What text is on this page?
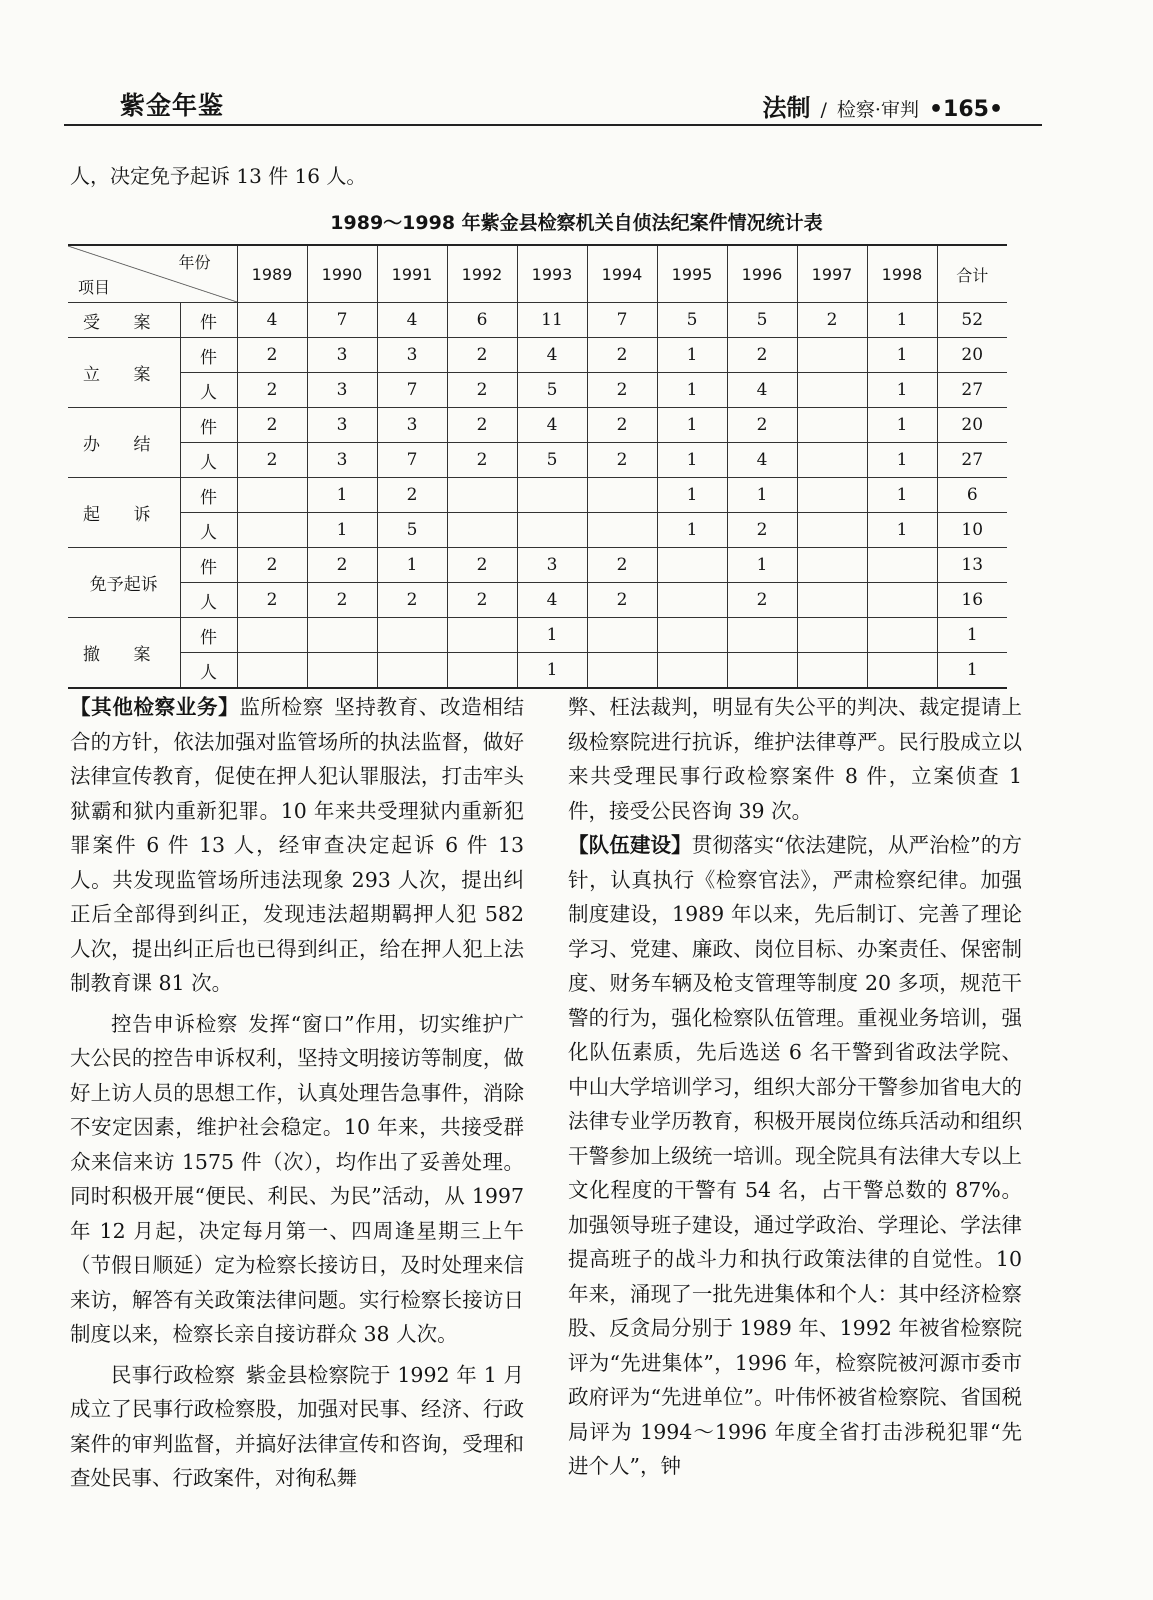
紫金年鉴	法制 / 检察·审判 •165•
人，决定免予起诉 13 件 16 人。
1989～1998 年紫金县检察机关自侦法纪案件情况统计表
年份
项目		1989	1990	1991	1992	1993	1994	1995	1996	1997	1998	合计
受 案	件	4	7	4	6	11	7	5	5	2	1	52
立 案	件	2	3	3	2	4	2	1	2		1	20
	人	2	3	7	2	5	2	1	4		1	27
办 结	件	2	3	3	2	4	2	1	2		1	20
	人	2	3	7	2	5	2	1	4		1	27
起 诉	件		1	2				1	1		1	6
	人		1	5				1	2		1	10
免予起诉	件	2	2	1	2	3	2		1			13
	人	2	2	2	2	4	2		2			16
撤 案	件					1						1
	人					1						1

【其他检察业务】监所检察 坚持教育、改造相结合的方针，依法加强对监管场所的执法监督，做好法律宣传教育，促使在押人犯认罪服法，打击牢头狱霸和狱内重新犯罪。10 年来共受理狱内重新犯罪案件 6 件 13 人，经审查决定起诉 6 件 13 人。共发现监管场所违法现象 293 人次，提出纠正后全部得到纠正，发现违法超期羁押人犯 582 人次，提出纠正后也已得到纠正，给在押人犯上法制教育课 81 次。

控告申诉检察 发挥“窗口”作用，切实维护广大公民的控告申诉权利，坚持文明接访等制度，做好上访人员的思想工作，认真处理告急事件，消除不安定因素，维护社会稳定。10 年来，共接受群众来信来访 1575 件（次），均作出了妥善处理。同时积极开展“便民、利民、为民”活动，从 1997 年 12 月起，决定每月第一、四周逢星期三上午（节假日顺延）定为检察长接访日，及时处理来信来访，解答有关政策法律问题。实行检察长接访日制度以来，检察长亲自接访群众 38 人次。

民事行政检察 紫金县检察院于 1992 年 1 月成立了民事行政检察股，加强对民事、经济、行政案件的审判监督，并搞好法律宣传和咨询，受理和查处民事、行政案件，对徇私舞

弊、枉法裁判，明显有失公平的判决、裁定提请上级检察院进行抗诉，维护法律尊严。民行股成立以来共受理民事行政检察案件 8 件，立案侦查 1 件，接受公民咨询 39 次。

【队伍建设】贯彻落实“依法建院，从严治检”的方针，认真执行《检察官法》，严肃检察纪律。加强制度建设，1989 年以来，先后制订、完善了理论学习、党建、廉政、岗位目标、办案责任、保密制度、财务车辆及枪支管理等制度 20 多项，规范干警的行为，强化检察队伍管理。重视业务培训，强化队伍素质，先后选送 6 名干警到省政法学院、中山大学培训学习，组织大部分干警参加省电大的法律专业学历教育，积极开展岗位练兵活动和组织干警参加上级统一培训。现全院具有法律大专以上文化程度的干警有 54 名，占干警总数的 87%。加强领导班子建设，通过学政治、学理论、学法律提高班子的战斗力和执行政策法律的自觉性。10 年来，涌现了一批先进集体和个人：其中经济检察股、反贪局分别于 1989 年、1992 年被省检察院评为“先进集体”，1996 年，检察院被河源市委市政府评为“先进单位”。叶伟怀被省检察院、省国税局评为 1994～1996 年度全省打击涉税犯罪“先进个人”，钟
